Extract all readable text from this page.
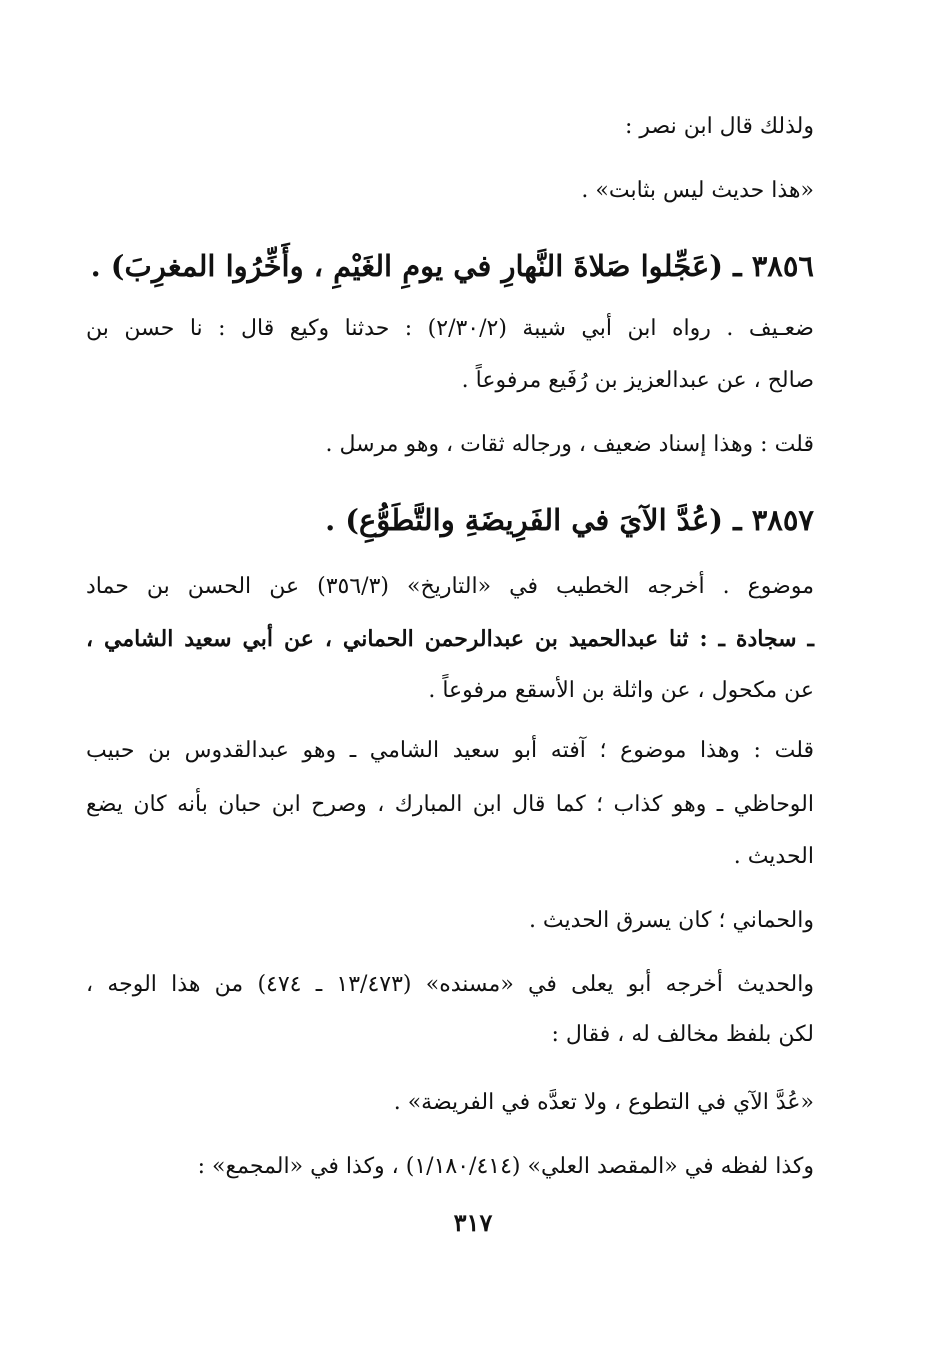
ولذلك قال ابن نصر :
«هذا حديث ليس بثابت» .
٣٨٥٦ ـ (عَجِّلوا صَلاةَ النَّهارِ في يومِ الغَيْمِ ، وأَخِّرُوا المغرِبَ) .
ضعـيف . رواه ابن أبي شيبة (٢/٣٠/٢) : حدثنا وكيع قال : نا حسن بن
صالح ، عن عبدالعزيز بن رُفَيع مرفوعاً .
قلت : وهذا إسناد ضعيف ، ورجاله ثقات ، وهو مرسل .
٣٨٥٧ ـ (عُدَّ الآيَ في الفَرِيضَةِ والتَّطَوُّعِ) .
موضوع . أخرجه الخطيب في «التاريخ» (٣٥٦/٣) عن الحسن بن حماد
ـ سجادة ـ : ثنا عبدالحميد بن عبدالرحمن الحماني ، عن أبي سعيد الشامي ،
عن مكحول ، عن واثلة بن الأسقع مرفوعاً .
قلت : وهذا موضوع ؛ آفته أبو سعيد الشامي ـ وهو عبدالقدوس بن حبيب
الوحاظي ـ وهو كذاب ؛ كما قال ابن المبارك ، وصرح ابن حبان بأنه كان يضع
الحديث .
والحماني ؛ كان يسرق الحديث .
والحديث أخرجه أبو يعلى في «مسنده» (١٣/٤٧٣ ـ ٤٧٤) من هذا الوجه ،
لكن بلفظ مخالف له ، فقال :
«عُدَّ الآي في التطوع ، ولا تعدَّه في الفريضة» .
وكذا لفظه في «المقصد العلي» (١/١٨٠/٤١٤) ، وكذا في «المجمع» :
٣١٧
